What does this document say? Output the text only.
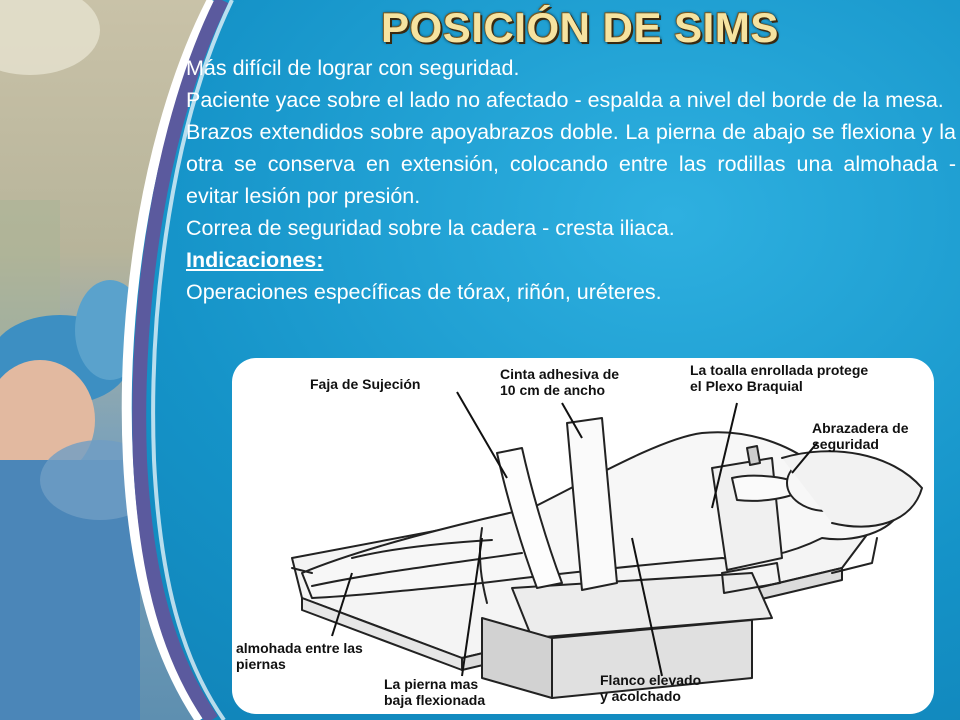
POSICIÓN DE SIMS

Más difícil de lograr con seguridad.

Paciente yace sobre el lado no afectado - espalda a nivel del borde de la mesa.

Brazos extendidos sobre apoyabrazos doble. La pierna de abajo se flexiona y la otra se conserva en extensión, colocando entre las rodillas una almohada - evitar lesión por presión.

Correa de seguridad sobre la cadera - cresta iliaca.

Indicaciones:

Operaciones específicas de tórax, riñón, uréteres.

Faja de Sujeción
Cinta adhesiva de
10 cm de ancho
La toalla enrollada protege
el Plexo Braquial
Abrazadera de
seguridad
almohada entre las
piernas
La pierna mas
baja flexionada
Flanco elevado
y acolchado
